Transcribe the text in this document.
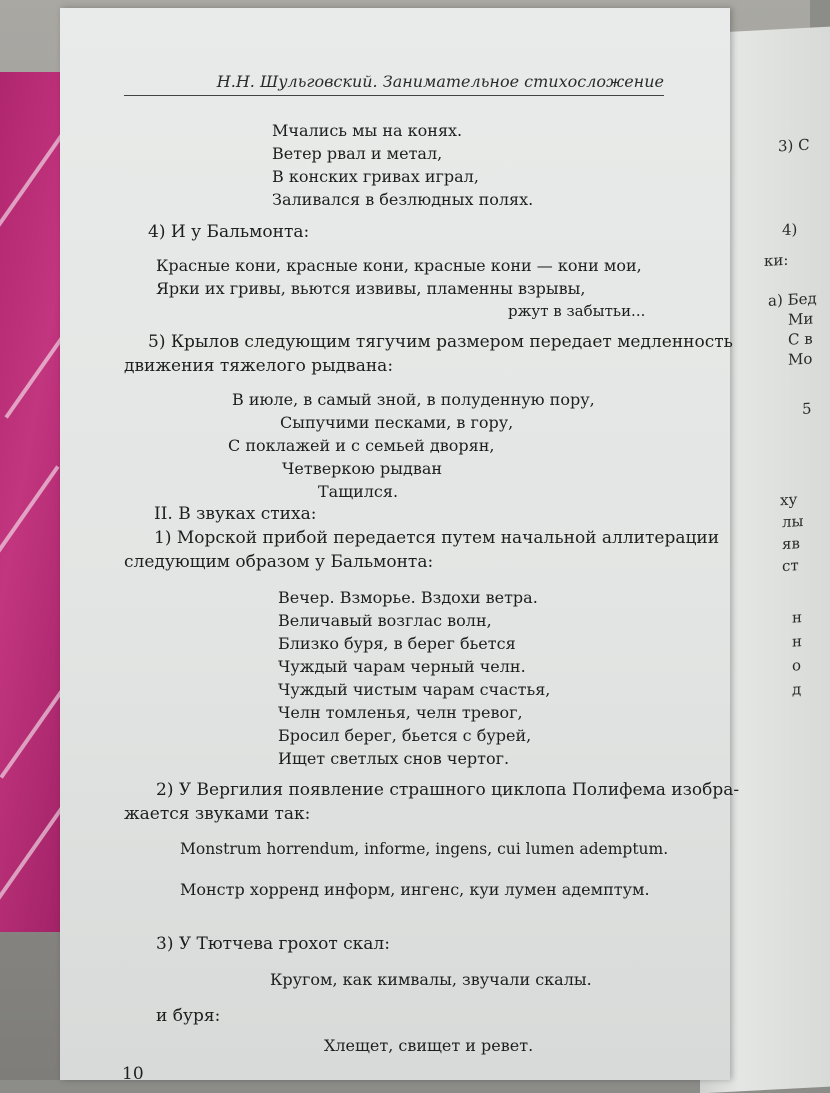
3) С
4)
ки:
а) Бед
Ми
С в
Мо
5
ху
лы
яв
ст
н
н
о
д
Н.Н. Шульговский. Занимательное стихосложение
Мчались мы на конях.
Ветер рвал и метал,
В конских гривах играл,
Заливался в безлюдных полях.
4) И у Бальмонта:
Красные кони, красные кони, красные кони — кони мои,
Ярки их гривы, вьются извивы, пламенны взрывы,
ржут в забытьи...
5) Крылов следующим тягучим размером передает медленность
движения тяжелого рыдвана:
В июле, в самый зной, в полуденную пору,
Сыпучими песками, в гору,
С поклажей и с семьей дворян,
Четверкою рыдван
Тащился.
II. В звуках стиха:
1) Морской прибой передается путем начальной аллитерации
следующим образом у Бальмонта:
Вечер. Взморье. Вздохи ветра.
Величавый возглас волн,
Близко буря, в берег бьется
Чуждый чарам черный челн.
Чуждый чистым чарам счастья,
Челн томленья, челн тревог,
Бросил берег, бьется с бурей,
Ищет светлых снов чертог.
2) У Вергилия появление страшного циклопа Полифема изобра-
жается звуками так:
Monstrum horrendum, informe, ingens, cui lumen ademptum.
Монстр хорренд информ, ингенс, куи лумен адемптум.
3) У Тютчева грохот скал:
Кругом, как кимвалы, звучали скалы.
и буря:
Хлещет, свищет и ревет.
10
